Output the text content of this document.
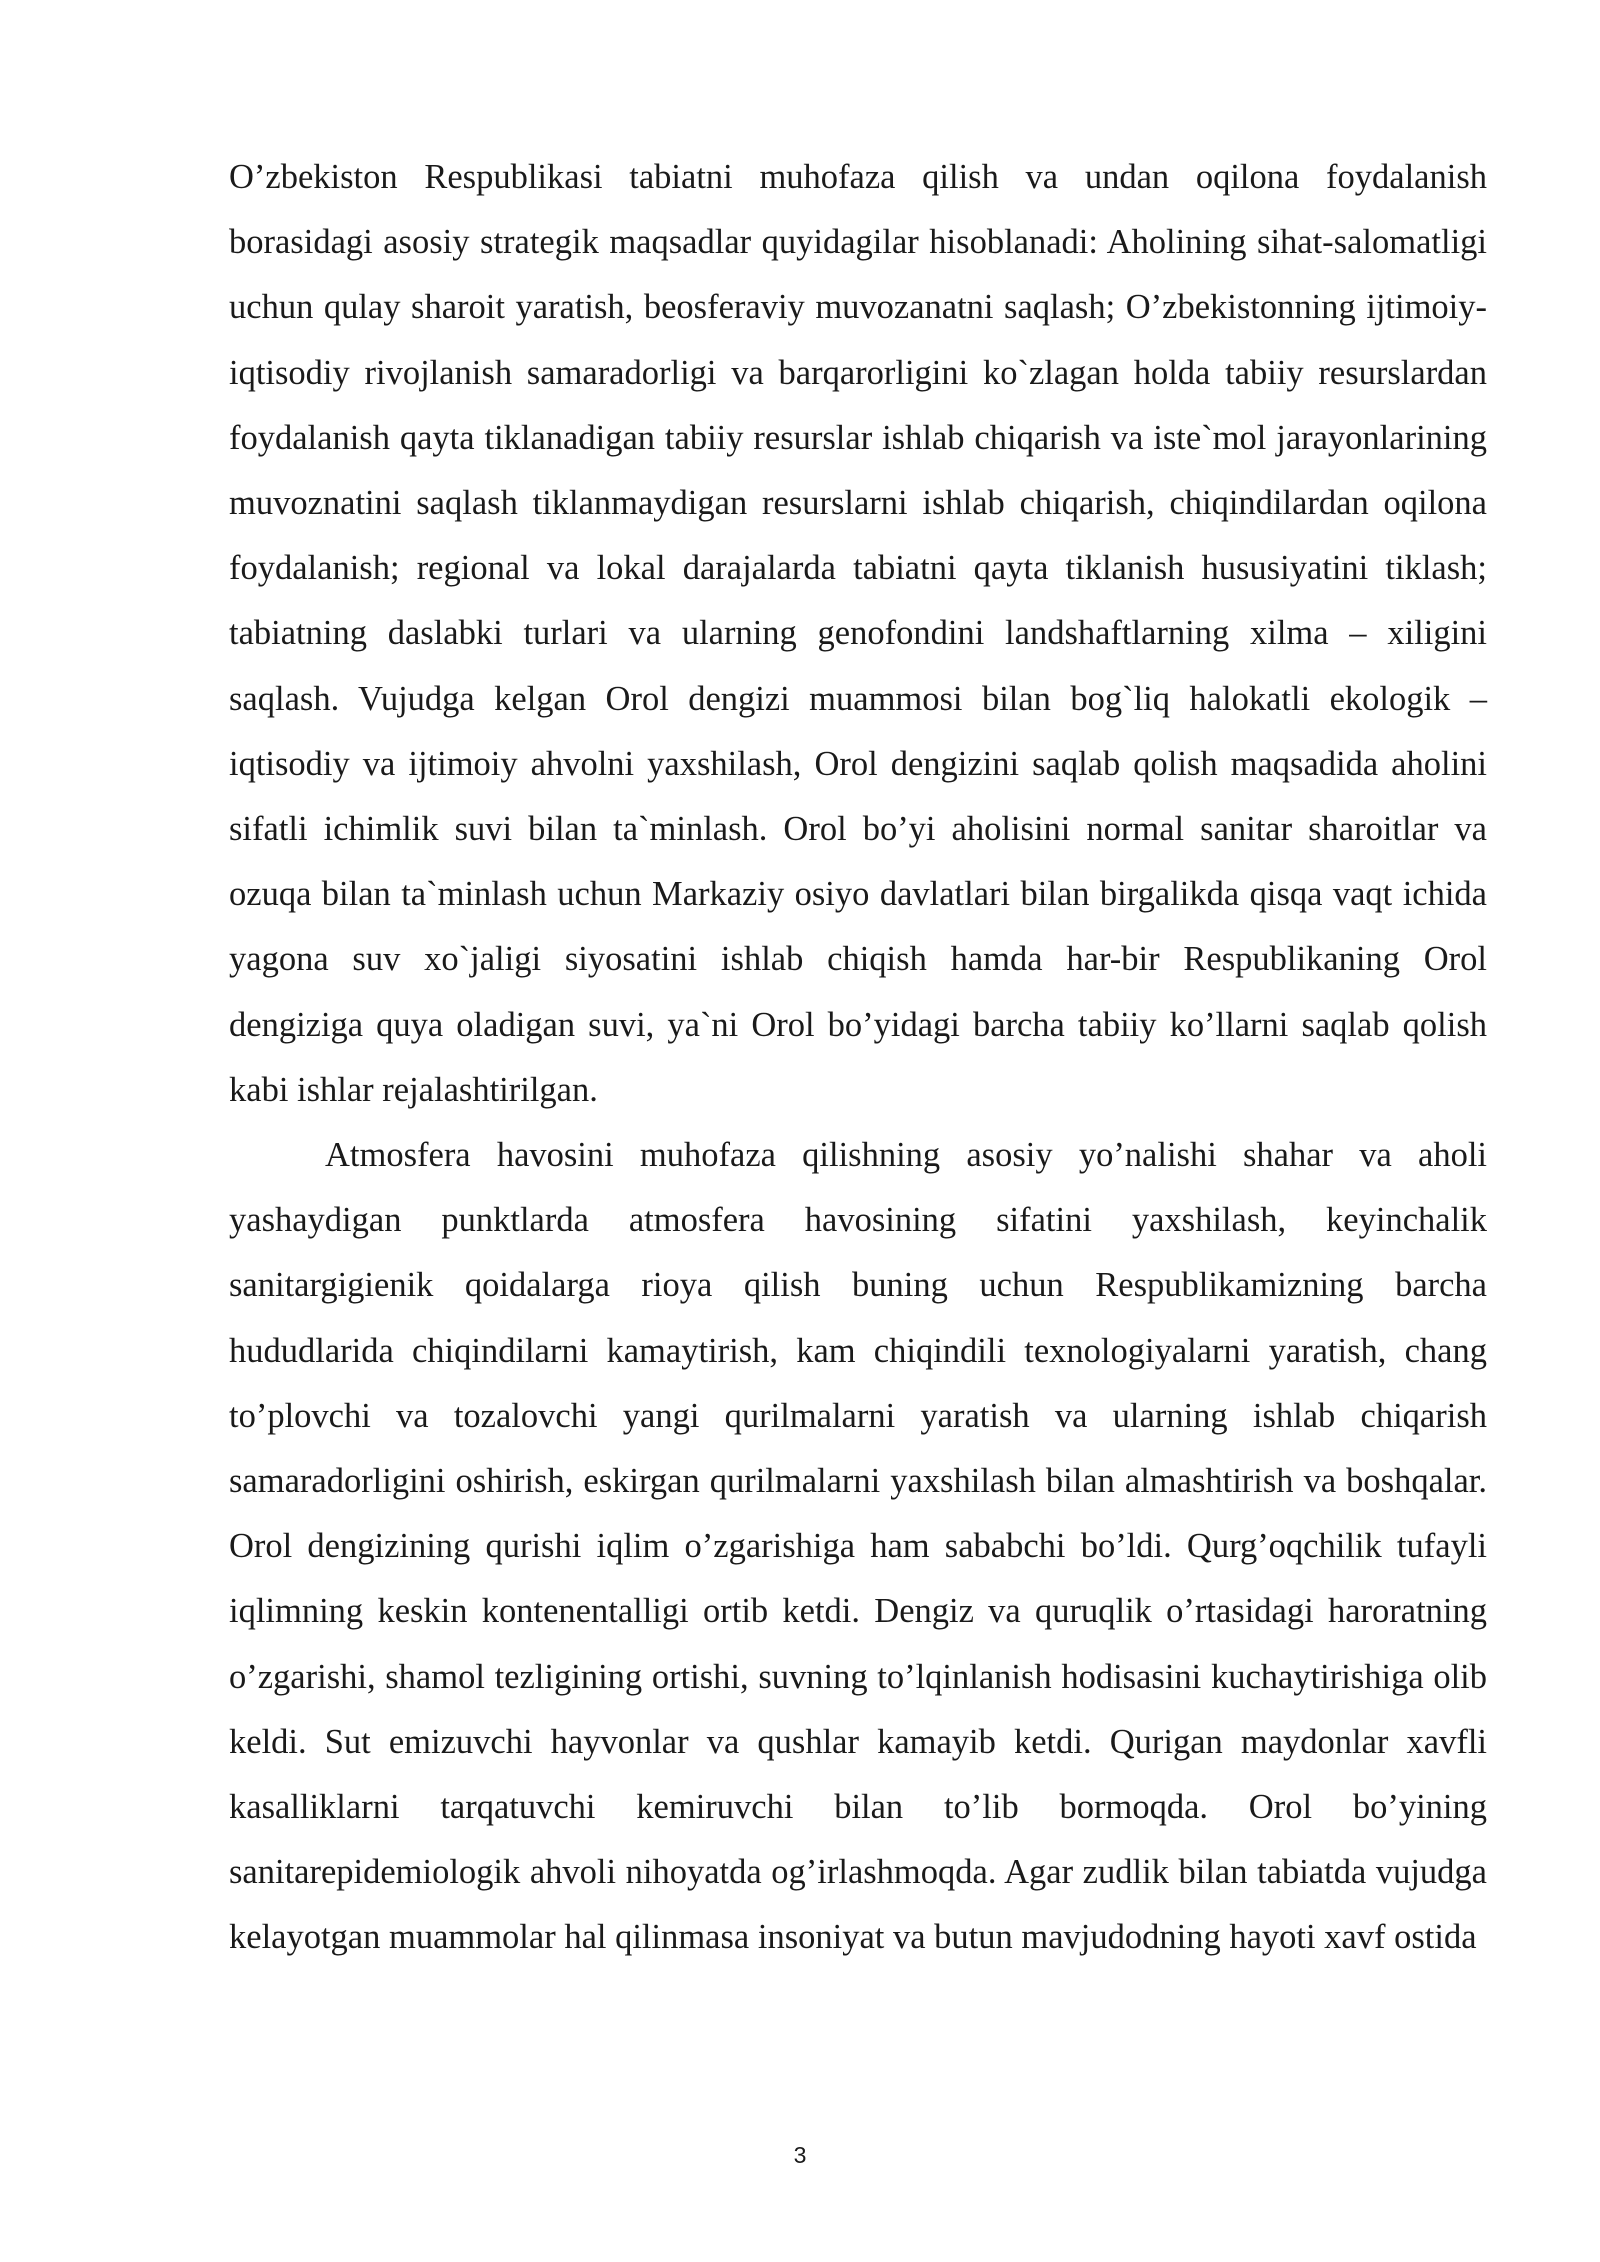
O’zbekiston Respublikasi tabiatni muhofaza qilish va undan oqilona foydalanish borasidagi asosiy strategik maqsadlar quyidagilar hisoblanadi: Aholining sihat-salomatligi uchun qulay sharoit yaratish, beosferaviy muvozanatni saqlash; O’zbekistonning ijtimoiy-iqtisodiy rivojlanish samaradorligi va barqarorligini ko`zlagan holda tabiiy resurslardan foydalanish qayta tiklanadigan tabiiy resurslar ishlab chiqarish va iste`mol jarayonlarining muvoznatini saqlash tiklanmaydigan resurslarni ishlab chiqarish, chiqindilardan oqilona foydalanish; regional va lokal darajalarda tabiatni qayta tiklanish hususiyatini tiklash; tabiatning daslabki turlari va ularning genofondini landshaftlarning xilma – xiligini saqlash. Vujudga kelgan Orol dengizi muammosi bilan bog`liq halokatli ekologik – iqtisodiy va ijtimoiy ahvolni yaxshilash, Orol dengizini saqlab qolish maqsadida aholini sifatli ichimlik suvi bilan ta`minlash. Orol bo’yi aholisini normal sanitar sharoitlar va ozuqa bilan ta`minlash uchun Markaziy osiyo davlatlari bilan birgalikda qisqa vaqt ichida yagona suv xo`jaligi siyosatini ishlab chiqish hamda har-bir Respublikaning Orol dengiziga quya oladigan suvi, ya`ni Orol bo’yidagi barcha tabiiy ko’llarni saqlab qolish kabi ishlar rejalashtirilgan.

Atmosfera havosini muhofaza qilishning asosiy yo’nalishi shahar va aholi yashaydigan punktlarda atmosfera havosining sifatini yaxshilash, keyinchalik sanitargigienik qoidalarga rioya qilish buning uchun Respublikamizning barcha hududlarida chiqindilarni kamaytirish, kam chiqindili texnologiyalarni yaratish, chang to’plovchi va tozalovchi yangi qurilmalarni yaratish va ularning ishlab chiqarish samaradorligini oshirish, eskirgan qurilmalarni yaxshilash bilan almashtirish va boshqalar. Orol dengizining qurishi iqlim o’zgarishiga ham sababchi bo’ldi. Qurg’oqchilik tufayli iqlimning keskin kontenentalligi ortib ketdi. Dengiz va quruqlik o’rtasidagi haroratning o’zgarishi, shamol tezligining ortishi, suvning to’lqinlanish hodisasini kuchaytirishiga olib keldi. Sut emizuvchi hayvonlar va qushlar kamayib ketdi. Qurigan maydonlar xavfli kasalliklarni tarqatuvchi kemiruvchi bilan to’lib bormoqda. Orol bo’yining sanitarepidemiologik ahvoli nihoyatda og’irlashmoqda. Agar zudlik bilan tabiatda vujudga kelayotgan muammolar hal qilinmasa insoniyat va butun mavjudodning hayoti xavf ostida

3
